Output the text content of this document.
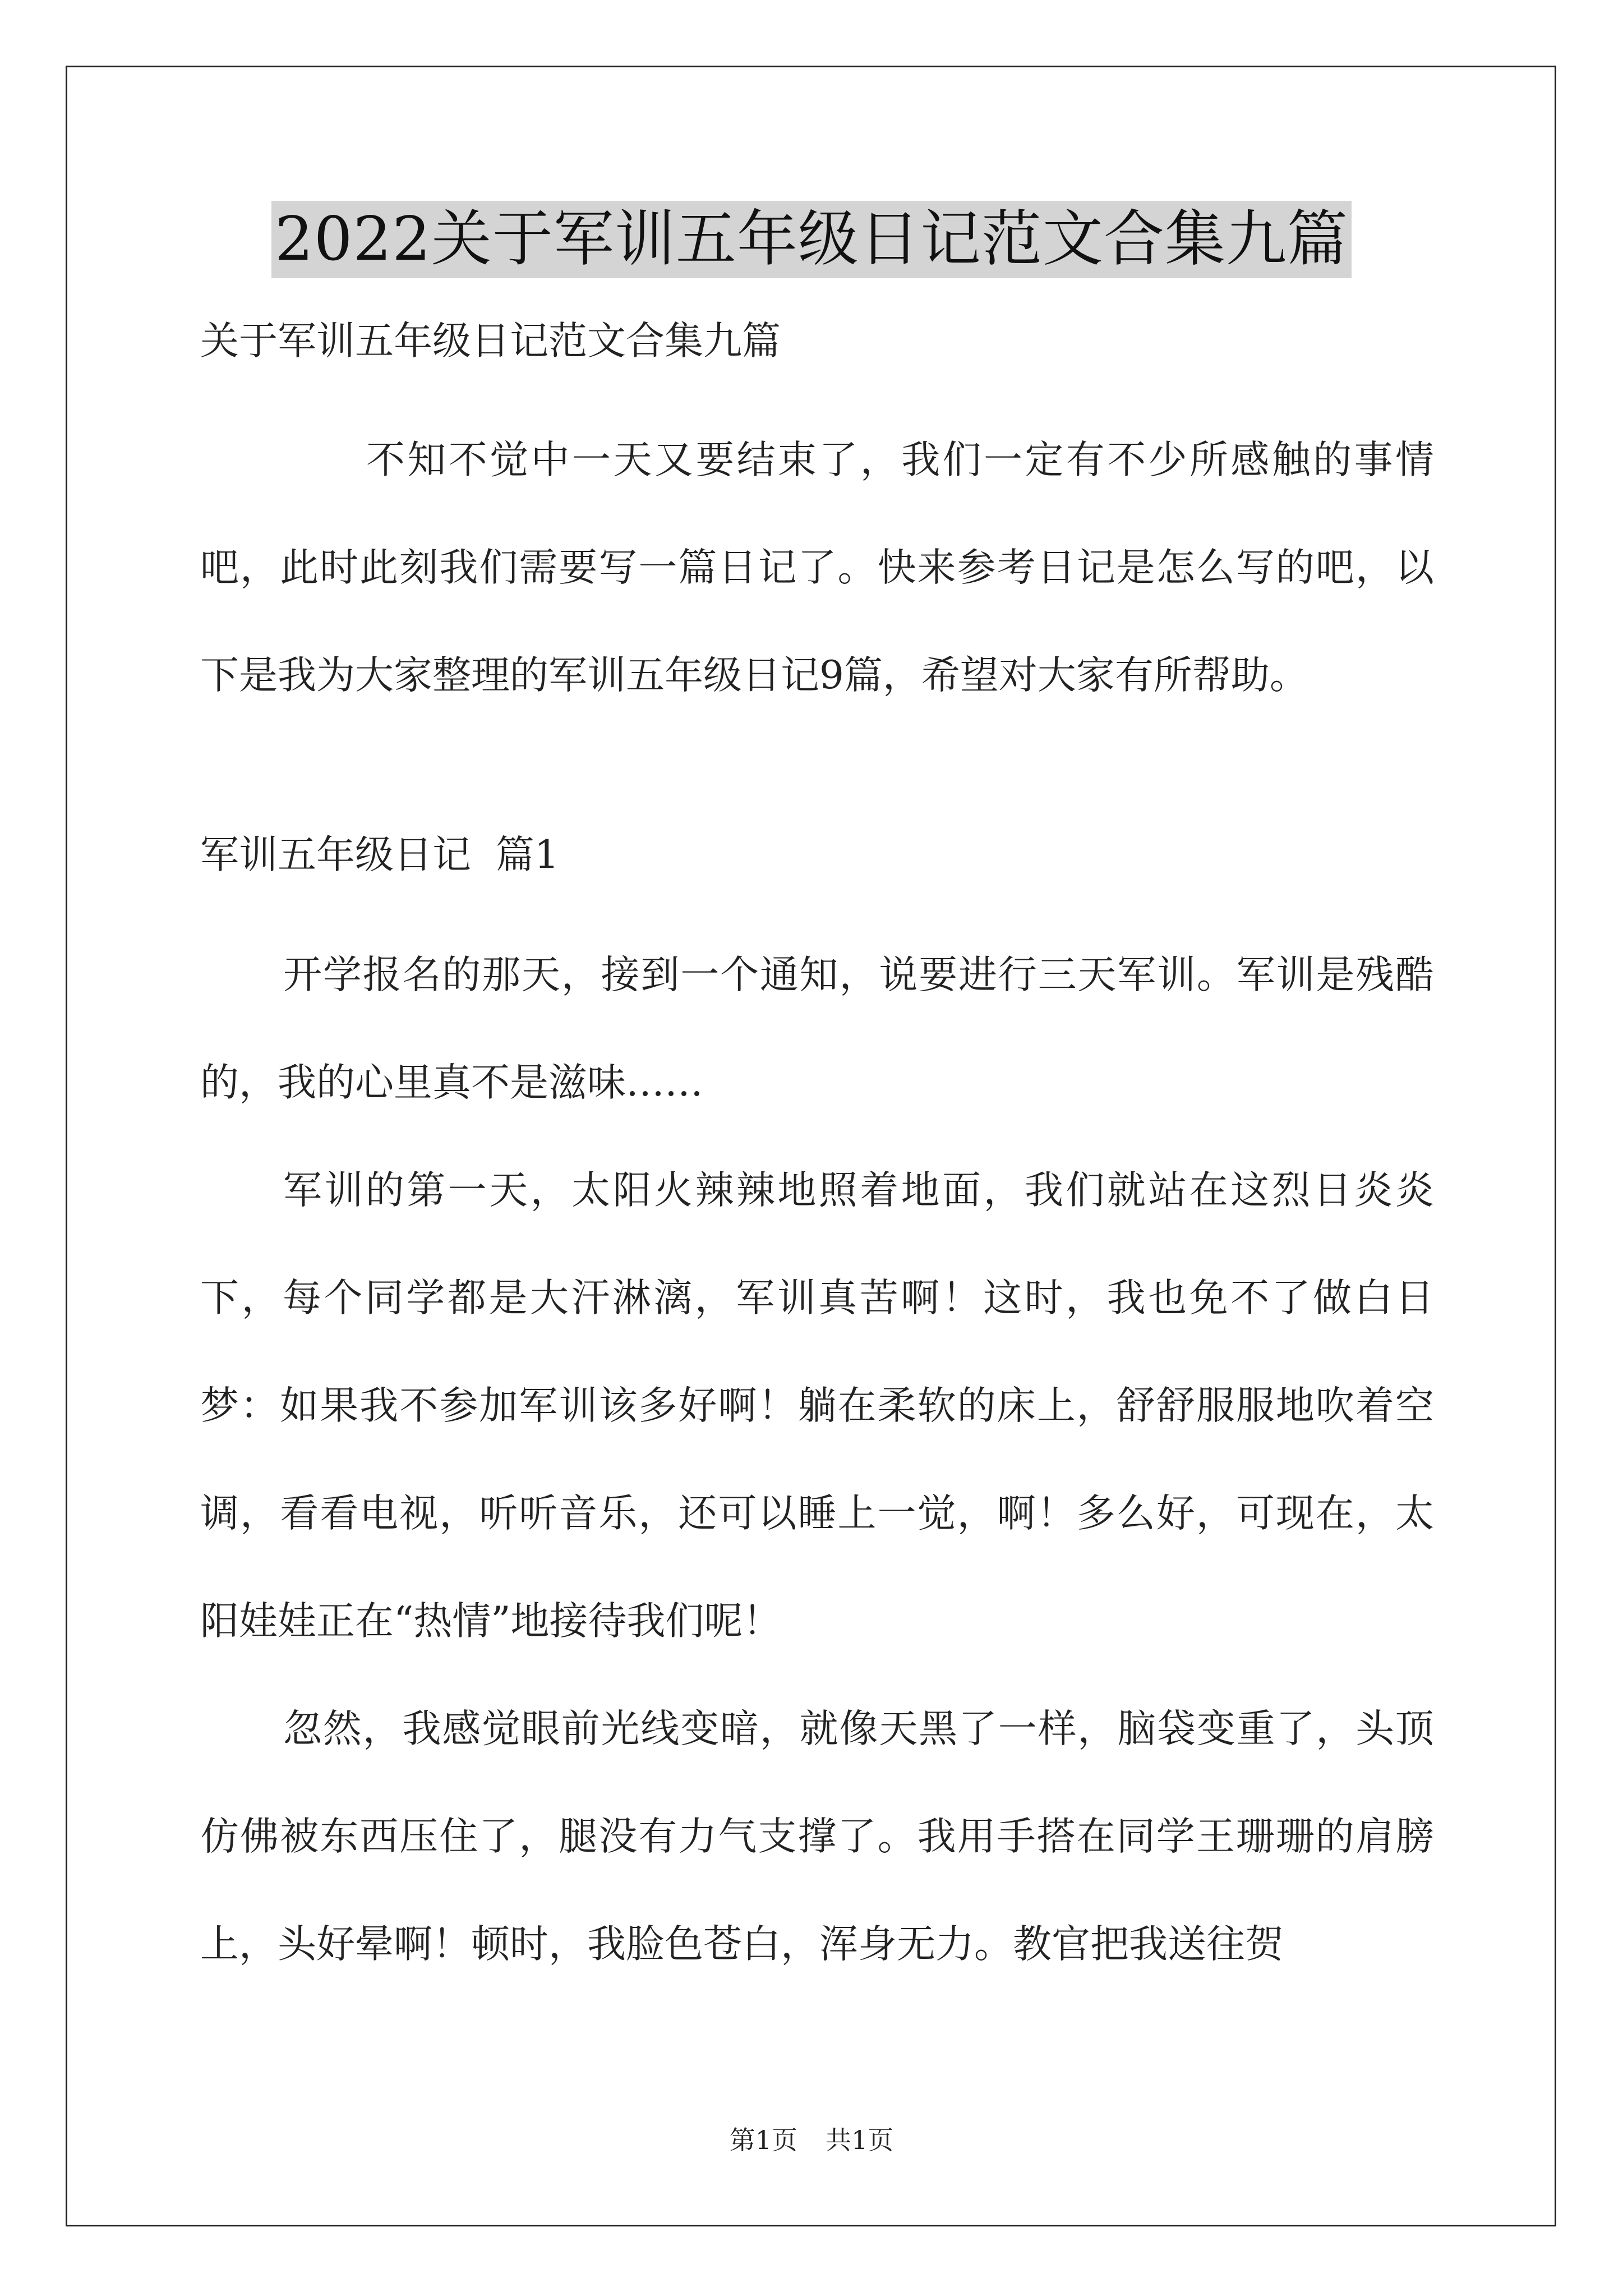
2022关于军训五年级日记范文合集九篇

关于军训五年级日记范文合集九篇

不知不觉中一天又要结束了，我们一定有不少所感触的事情吧，此时此刻我们需要写一篇日记了。快来参考日记是怎么写的吧，以下是我为大家整理的军训五年级日记9篇，希望对大家有所帮助。

军训五年级日记  篇1

开学报名的那天，接到一个通知，说要进行三天军训。军训是残酷的，我的心里真不是滋味……

军训的第一天，太阳火辣辣地照着地面，我们就站在这烈日炎炎下，每个同学都是大汗淋漓，军训真苦啊！这时，我也免不了做白日梦：如果我不参加军训该多好啊！躺在柔软的床上，舒舒服服地吹着空调，看看电视，听听音乐，还可以睡上一觉，啊！多么好，可现在，太阳娃娃正在“热情”地接待我们呢！

忽然，我感觉眼前光线变暗，就像天黑了一样，脑袋变重了，头顶仿佛被东西压住了，腿没有力气支撑了。我用手搭在同学王珊珊的肩膀上，头好晕啊！顿时，我脸色苍白，浑身无力。教官把我送往贺

第1页 共1页
